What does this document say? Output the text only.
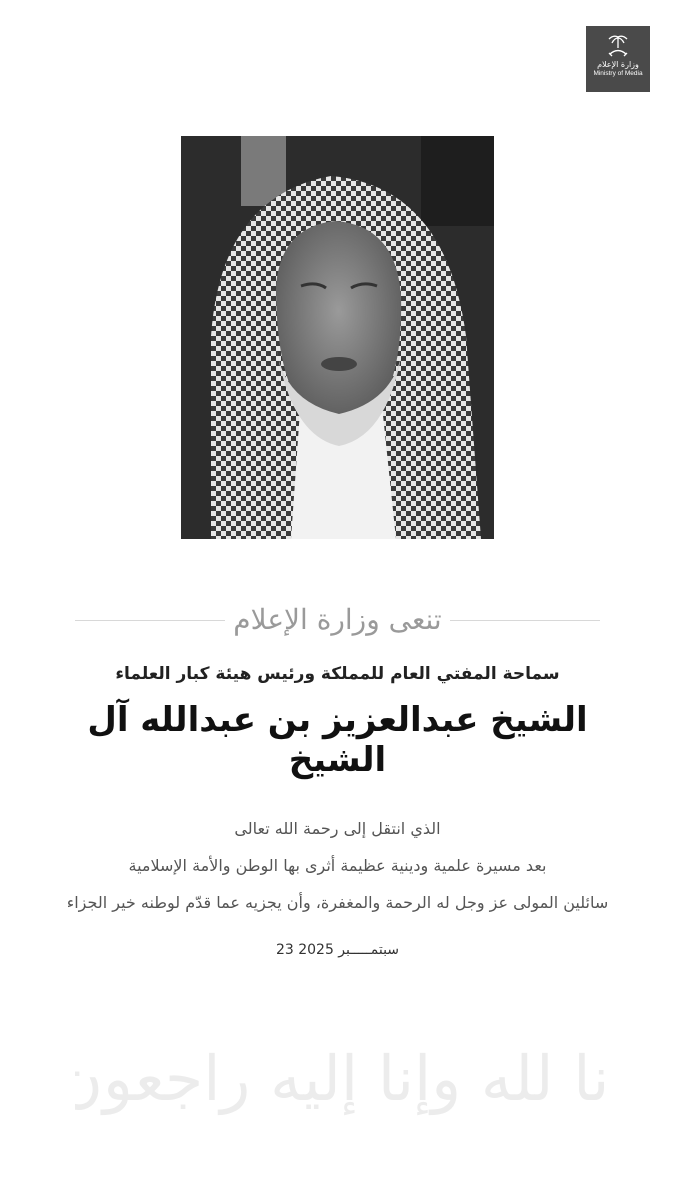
وزارة الإعلام
Ministry of Media
تنعى وزارة الإعلام
سماحة المفتي العام للمملكة ورئيس هيئة كبار العلماء
الشيخ عبدالعزيز بن عبدالله آل الشيخ
الذي انتقل إلى رحمة الله تعالى
بعد مسيرة علمية ودينية عظيمة أثرى بها الوطن والأمة الإسلامية
سائلين المولى عز وجل له الرحمة والمغفرة، وأن يجزيه عما قدّم لوطنه خير الجزاء
23 سبتمـــــبر 2025
إنا لله وإنا إليه راجعون
